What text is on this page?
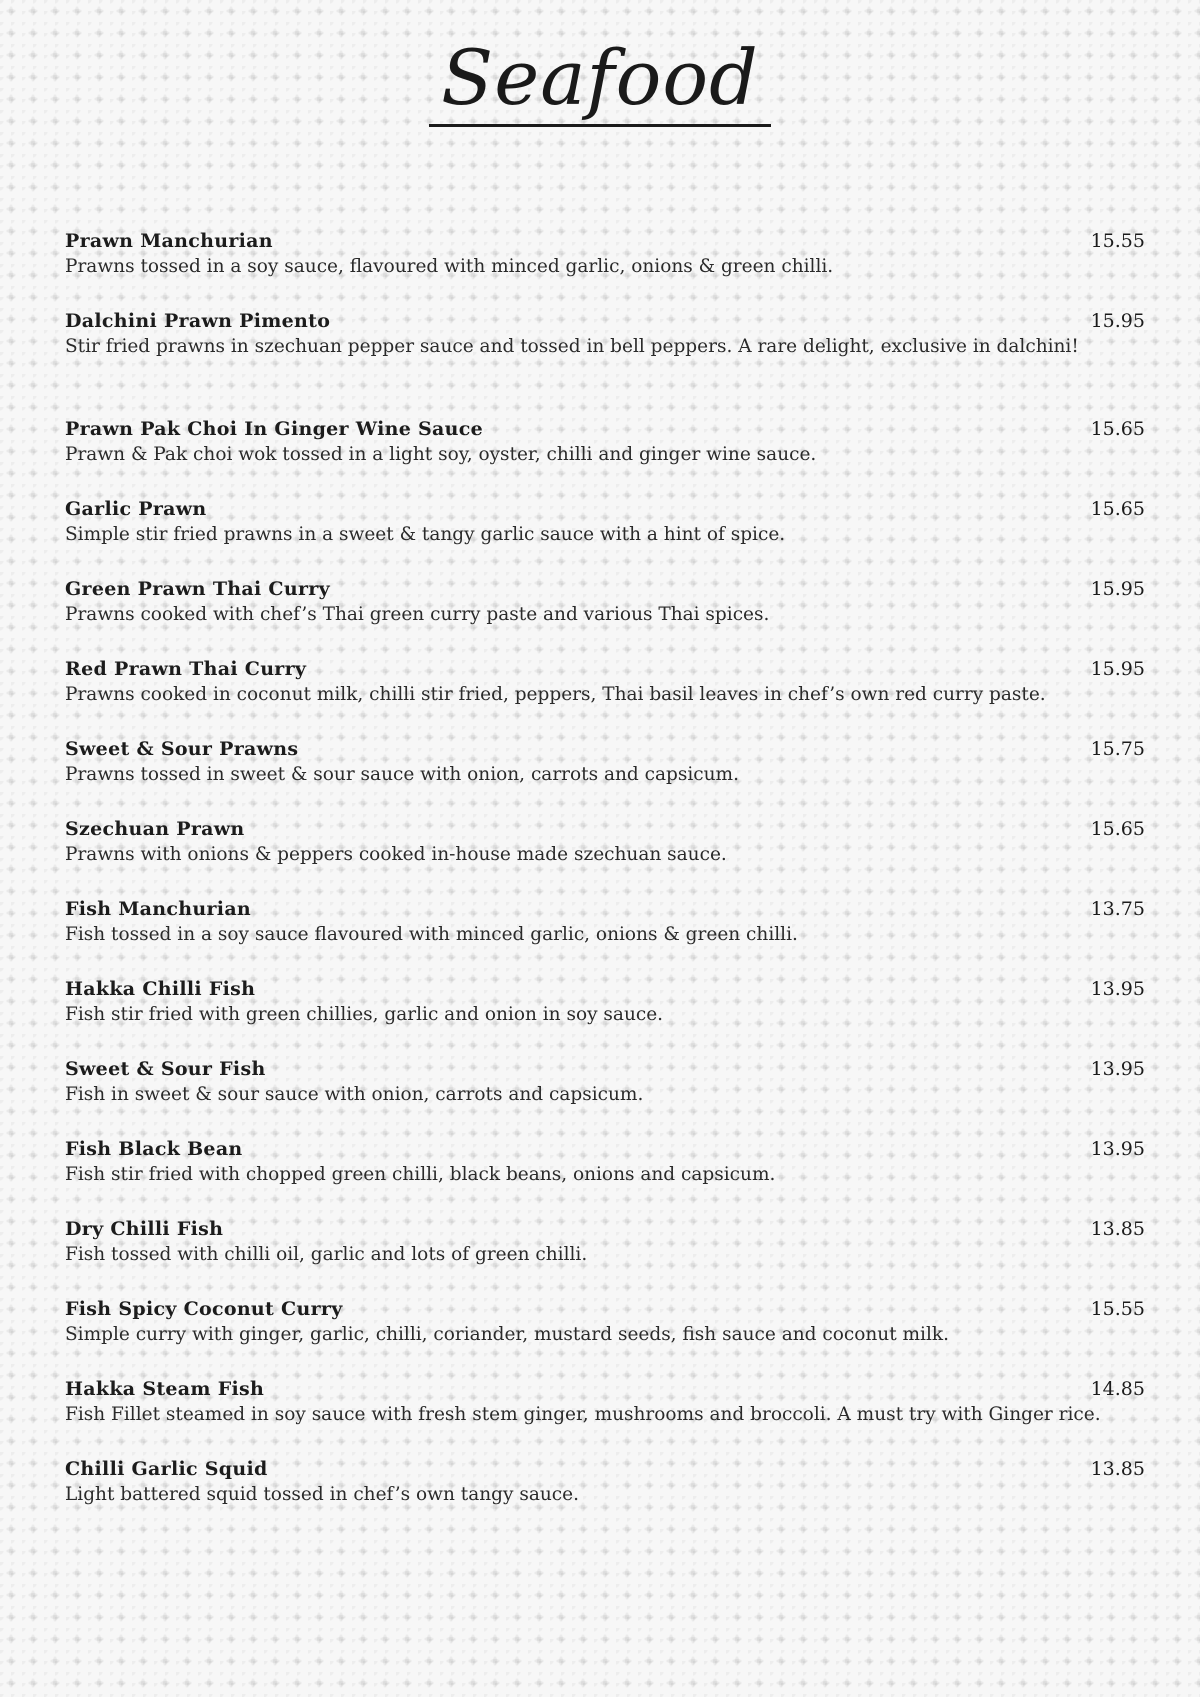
Seafood
Prawn Manchurian	15.55
Prawns tossed in a soy sauce, flavoured with minced garlic, onions & green chilli.
Dalchini Prawn Pimento	15.95
Stir fried prawns in szechuan pepper sauce and tossed in bell peppers. A rare delight, exclusive in dalchini!
Prawn Pak Choi In Ginger Wine Sauce	15.65
Prawn & Pak choi wok tossed in a light soy, oyster, chilli and ginger wine sauce.
Garlic Prawn	15.65
Simple stir fried prawns in a sweet & tangy garlic sauce with a hint of spice.
Green Prawn Thai Curry	15.95
Prawns cooked with chef’s Thai green curry paste and various Thai spices.
Red Prawn Thai Curry	15.95
Prawns cooked in coconut milk, chilli stir fried, peppers, Thai basil leaves in chef’s own red curry paste.
Sweet & Sour Prawns	15.75
Prawns tossed in sweet & sour sauce with onion, carrots and capsicum.
Szechuan Prawn	15.65
Prawns with onions & peppers cooked in-house made szechuan sauce.
Fish Manchurian	13.75
Fish tossed in a soy sauce flavoured with minced garlic, onions & green chilli.
Hakka Chilli Fish	13.95
Fish stir fried with green chillies, garlic and onion in soy sauce.
Sweet & Sour Fish	13.95
Fish in sweet & sour sauce with onion, carrots and capsicum.
Fish Black Bean	13.95
Fish stir fried with chopped green chilli, black beans, onions and capsicum.
Dry Chilli Fish	13.85
Fish tossed with chilli oil, garlic and lots of green chilli.
Fish Spicy Coconut Curry	15.55
Simple curry with ginger, garlic, chilli, coriander, mustard seeds, fish sauce and coconut milk.
Hakka Steam Fish	14.85
Fish Fillet steamed in soy sauce with fresh stem ginger, mushrooms and broccoli. A must try with Ginger rice.
Chilli Garlic Squid	13.85
Light battered squid tossed in chef’s own tangy sauce.
